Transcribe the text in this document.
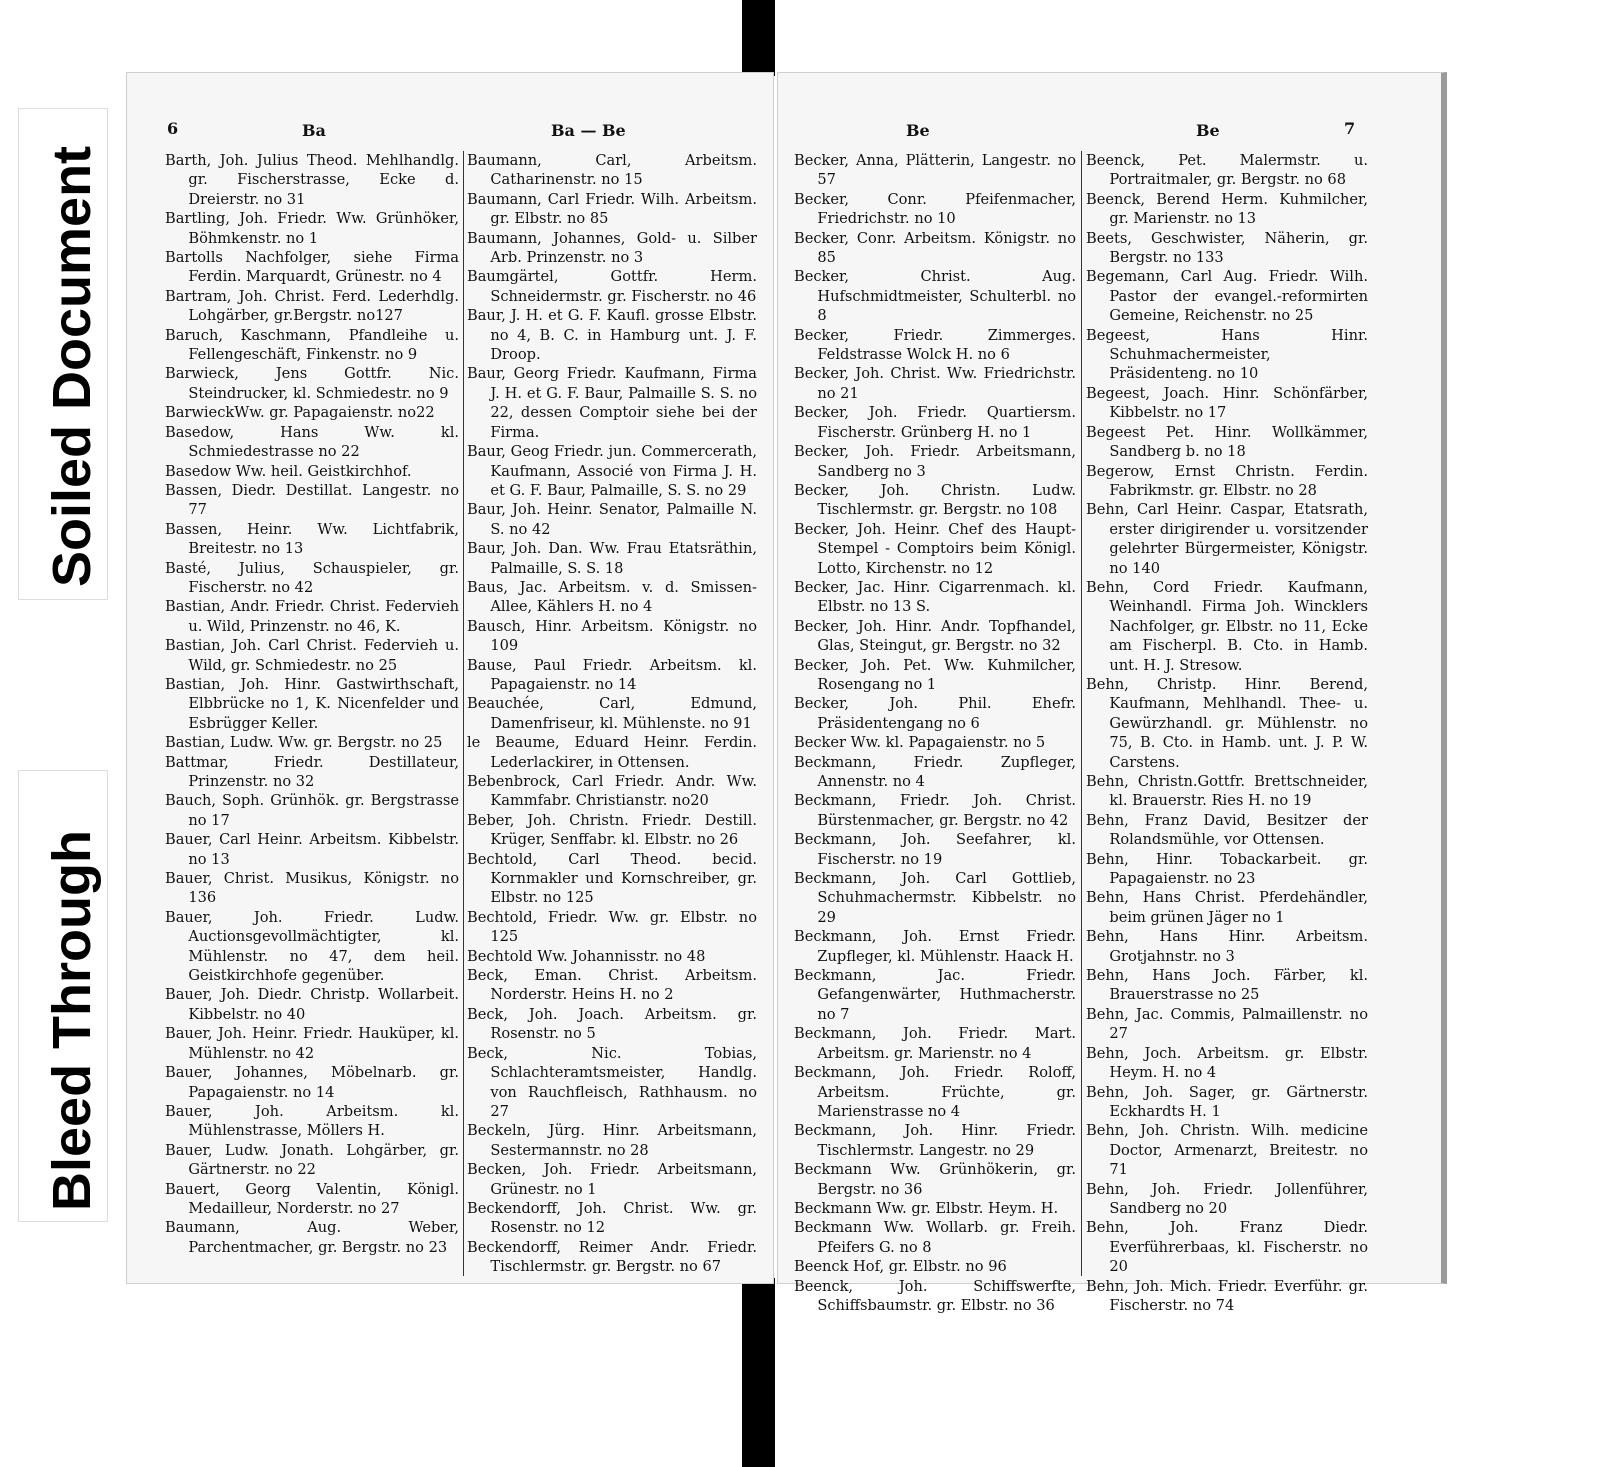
Soiled Document
Bleed Through
6	Ba	Ba — Be

Barth, Joh. Julius Theod. Mehlhandlg. gr. Fischerstrasse, Ecke d. Dreierstr. no 31

Bartling, Joh. Friedr. Ww. Grünhöker, Böhmkenstr. no 1

Bartolls Nachfolger, siehe Firma Ferdin. Marquardt, Grünestr. no 4

Bartram, Joh. Christ. Ferd. Lederhdlg. Lohgärber, gr.Bergstr. no127

Baruch, Kaschmann, Pfandleihe u. Fellengeschäft, Finkenstr. no 9

Barwieck, Jens Gottfr. Nic. Steindrucker, kl. Schmiedestr. no 9

BarwieckWw. gr. Papagaienstr. no22

Basedow, Hans Ww. kl. Schmiedestrasse no 22

Basedow Ww. heil. Geistkirchhof.

Bassen, Diedr. Destillat. Langestr. no 77

Bassen, Heinr. Ww. Lichtfabrik, Breitestr. no 13

Basté, Julius, Schauspieler, gr. Fischerstr. no 42

Bastian, Andr. Friedr. Christ. Federvieh u. Wild, Prinzenstr. no 46, K.

Bastian, Joh. Carl Christ. Federvieh u. Wild, gr. Schmiedestr. no 25

Bastian, Joh. Hinr. Gastwirthschaft, Elbbrücke no 1, K. Nicenfelder und Esbrügger Keller.

Bastian, Ludw. Ww. gr. Bergstr. no 25

Battmar, Friedr. Destillateur, Prinzenstr. no 32

Bauch, Soph. Grünhök. gr. Bergstrasse no 17

Bauer, Carl Heinr. Arbeitsm. Kibbelstr. no 13

Bauer, Christ. Musikus, Königstr. no 136

Bauer, Joh. Friedr. Ludw. Auctionsgevollmächtigter, kl. Mühlenstr. no 47, dem heil. Geistkirchhofe gegenüber.

Bauer, Joh. Diedr. Christp. Wollarbeit. Kibbelstr. no 40

Bauer, Joh. Heinr. Friedr. Hauküper, kl. Mühlenstr. no 42

Bauer, Johannes, Möbelnarb. gr. Papagaienstr. no 14

Bauer, Joh. Arbeitsm. kl. Mühlenstrasse, Möllers H.

Bauer, Ludw. Jonath. Lohgärber, gr. Gärtnerstr. no 22

Bauert, Georg Valentin, Königl. Medailleur, Norderstr. no 27

Baumann, Aug. Weber, Parchentmacher, gr. Bergstr. no 23

Baumann, Carl, Arbeitsm. Catharinenstr. no 15

Baumann, Carl Friedr. Wilh. Arbeitsm. gr. Elbstr. no 85

Baumann, Johannes, Gold- u. Silber Arb. Prinzenstr. no 3

Baumgärtel, Gottfr. Herm. Schneidermstr. gr. Fischerstr. no 46

Baur, J. H. et G. F. Kaufl. grosse Elbstr. no 4, B. C. in Hamburg unt. J. F. Droop.

Baur, Georg Friedr. Kaufmann, Firma J. H. et G. F. Baur, Palmaille S. S. no 22, dessen Comptoir siehe bei der Firma.

Baur, Geog Friedr. jun. Commercerath, Kaufmann, Associé von Firma J. H. et G. F. Baur, Palmaille, S. S. no 29

Baur, Joh. Heinr. Senator, Palmaille N. S. no 42

Baur, Joh. Dan. Ww. Frau Etatsräthin, Palmaille, S. S. 18

Baus, Jac. Arbeitsm. v. d. Smissen-Allee, Kählers H. no 4

Bausch, Hinr. Arbeitsm. Königstr. no 109

Bause, Paul Friedr. Arbeitsm. kl. Papagaienstr. no 14

Beauchée, Carl, Edmund, Damenfriseur, kl. Mühlenste. no 91

le Beaume, Eduard Heinr. Ferdin. Lederlackirer, in Ottensen.

Bebenbrock, Carl Friedr. Andr. Ww. Kammfabr. Christianstr. no20

Beber, Joh. Christn. Friedr. Destill. Krüger, Senffabr. kl. Elbstr. no 26

Bechtold, Carl Theod. becid. Kornmakler und Kornschreiber, gr. Elbstr. no 125

Bechtold, Friedr. Ww. gr. Elbstr. no 125

Bechtold Ww. Johannisstr. no 48

Beck, Eman. Christ. Arbeitsm. Norderstr. Heins H. no 2

Beck, Joh. Joach. Arbeitsm. gr. Rosenstr. no 5

Beck, Nic. Tobias, Schlachteramtsmeister, Handlg. von Rauchfleisch, Rathhausm. no 27

Beckeln, Jürg. Hinr. Arbeitsmann, Sestermannstr. no 28

Becken, Joh. Friedr. Arbeitsmann, Grünestr. no 1

Beckendorff, Joh. Christ. Ww. gr. Rosenstr. no 12

Beckendorff, Reimer Andr. Friedr. Tischlermstr. gr. Bergstr. no 67

Be	Be	7

Becker, Anna, Plätterin, Langestr. no 57

Becker, Conr. Pfeifenmacher, Friedrichstr. no 10

Becker, Conr. Arbeitsm. Königstr. no 85

Becker, Christ. Aug. Hufschmidtmeister, Schulterbl. no 8

Becker, Friedr. Zimmerges. Feldstrasse Wolck H. no 6

Becker, Joh. Christ. Ww. Friedrichstr. no 21

Becker, Joh. Friedr. Quartiersm. Fischerstr. Grünberg H. no 1

Becker, Joh. Friedr. Arbeitsmann, Sandberg no 3

Becker, Joh. Christn. Ludw. Tischlermstr. gr. Bergstr. no 108

Becker, Joh. Heinr. Chef des Haupt-Stempel - Comptoirs beim Königl. Lotto, Kirchenstr. no 12

Becker, Jac. Hinr. Cigarrenmach. kl. Elbstr. no 13 S.

Becker, Joh. Hinr. Andr. Topfhandel, Glas, Steingut, gr. Bergstr. no 32

Becker, Joh. Pet. Ww. Kuhmilcher, Rosengang no 1

Becker, Joh. Phil. Ehefr. Präsidentengang no 6

Becker Ww. kl. Papagaienstr. no 5

Beckmann, Friedr. Zupfleger, Annenstr. no 4

Beckmann, Friedr. Joh. Christ. Bürstenmacher, gr. Bergstr. no 42

Beckmann, Joh. Seefahrer, kl. Fischerstr. no 19

Beckmann, Joh. Carl Gottlieb, Schuhmachermstr. Kibbelstr. no 29

Beckmann, Joh. Ernst Friedr. Zupfleger, kl. Mühlenstr. Haack H.

Beckmann, Jac. Friedr. Gefangenwärter, Huthmacherstr. no 7

Beckmann, Joh. Friedr. Mart. Arbeitsm. gr. Marienstr. no 4

Beckmann, Joh. Friedr. Roloff, Arbeitsm. Früchte, gr. Marienstrasse no 4

Beckmann, Joh. Hinr. Friedr. Tischlermstr. Langestr. no 29

Beckmann Ww. Grünhökerin, gr. Bergstr. no 36

Beckmann Ww. gr. Elbstr. Heym. H.

Beckmann Ww. Wollarb. gr. Freih. Pfeifers G. no 8

Beenck Hof, gr. Elbstr. no 96

Beenck, Joh. Schiffswerfte, Schiffsbaumstr. gr. Elbstr. no 36

Beenck, Pet. Malermstr. u. Portraitmaler, gr. Bergstr. no 68

Beenck, Berend Herm. Kuhmilcher, gr. Marienstr. no 13

Beets, Geschwister, Näherin, gr. Bergstr. no 133

Begemann, Carl Aug. Friedr. Wilh. Pastor der evangel.-reformirten Gemeine, Reichenstr. no 25

Begeest, Hans Hinr. Schuhmachermeister, Präsidenteng. no 10

Begeest, Joach. Hinr. Schönfärber, Kibbelstr. no 17

Begeest Pet. Hinr. Wollkämmer, Sandberg b. no 18

Begerow, Ernst Christn. Ferdin. Fabrikmstr. gr. Elbstr. no 28

Behn, Carl Heinr. Caspar, Etatsrath, erster dirigirender u. vorsitzender gelehrter Bürgermeister, Königstr. no 140

Behn, Cord Friedr. Kaufmann, Weinhandl. Firma Joh. Wincklers Nachfolger, gr. Elbstr. no 11, Ecke am Fischerpl. B. Cto. in Hamb. unt. H. J. Stresow.

Behn, Christp. Hinr. Berend, Kaufmann, Mehlhandl. Thee- u. Gewürzhandl. gr. Mühlenstr. no 75, B. Cto. in Hamb. unt. J. P. W. Carstens.

Behn, Christn.Gottfr. Brettschneider, kl. Brauerstr. Ries H. no 19

Behn, Franz David, Besitzer der Rolandsmühle, vor Ottensen.

Behn, Hinr. Tobackarbeit. gr. Papagaienstr. no 23

Behn, Hans Christ. Pferdehändler, beim grünen Jäger no 1

Behn, Hans Hinr. Arbeitsm. Grotjahnstr. no 3

Behn, Hans Joch. Färber, kl. Brauerstrasse no 25

Behn, Jac. Commis, Palmaillenstr. no 27

Behn, Joch. Arbeitsm. gr. Elbstr. Heym. H. no 4

Behn, Joh. Sager, gr. Gärtnerstr. Eckhardts H. 1

Behn, Joh. Christn. Wilh. medicine Doctor, Armenarzt, Breitestr. no 71

Behn, Joh. Friedr. Jollenführer, Sandberg no 20

Behn, Joh. Franz Diedr. Everführerbaas, kl. Fischerstr. no 20

Behn, Joh. Mich. Friedr. Everführ. gr. Fischerstr. no 74
